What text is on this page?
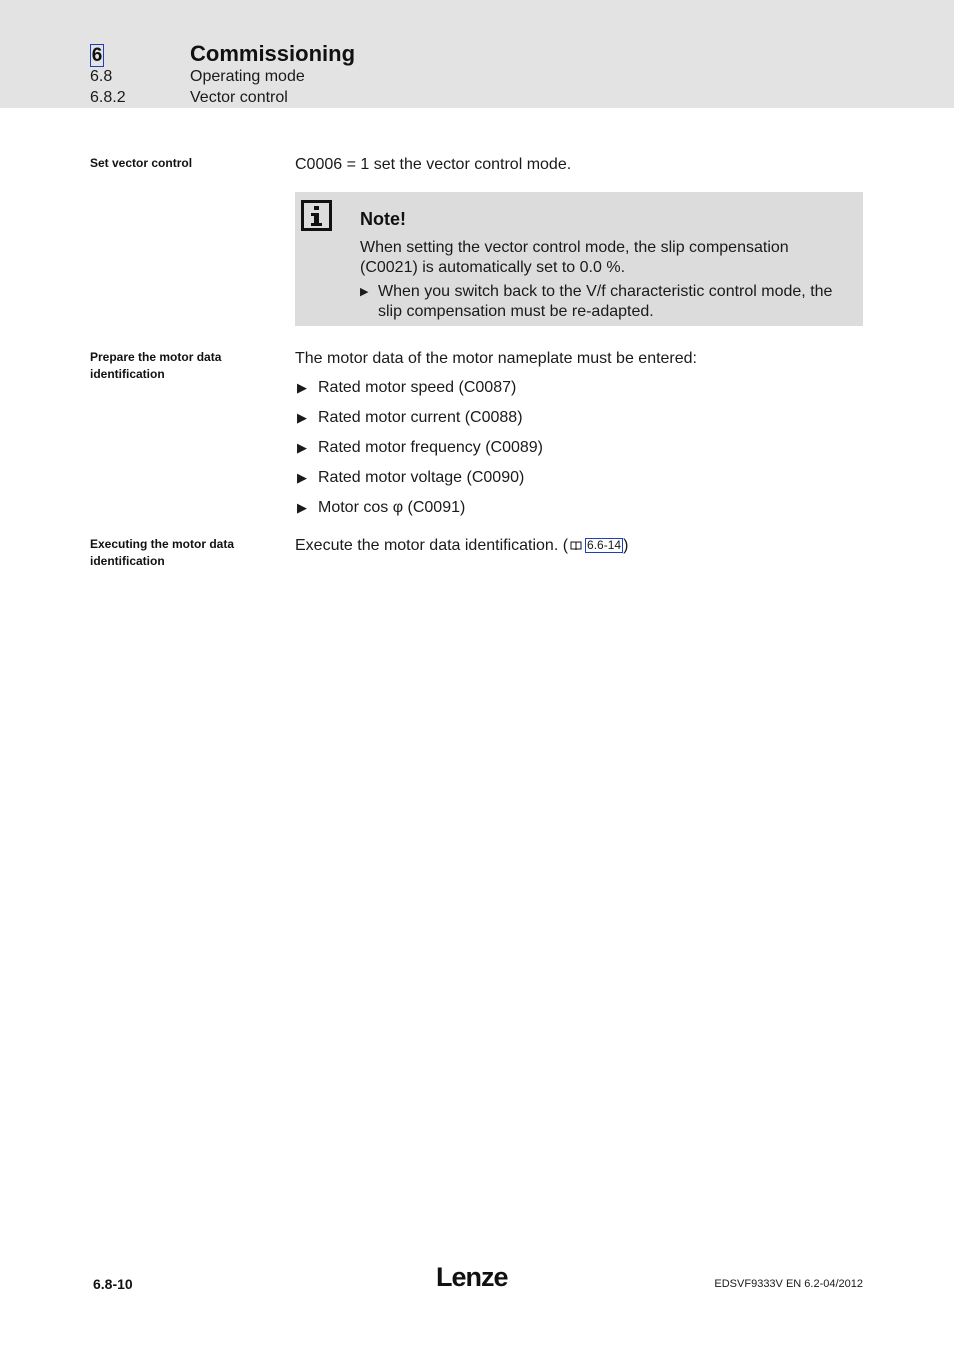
6	Commissioning
6.8	Operating mode
6.8.2	Vector control
Set vector control	C0006 = 1 set the vector control mode.
Note!
When setting the vector control mode, the slip compensation (C0021) is automatically set to 0.0 %.
▶ When you switch back to the V/f characteristic control mode, the slip compensation must be re-adapted.
Prepare the motor data identification
The motor data of the motor nameplate must be entered:
▶ Rated motor speed (C0087)
▶ Rated motor current (C0088)
▶ Rated motor frequency (C0089)
▶ Rated motor voltage (C0090)
▶ Motor cos φ (C0091)
Executing the motor data identification
Execute the motor data identification. ( 6.6-14 )
6.8-10	Lenze	EDSVF9333V EN 6.2-04/2012
